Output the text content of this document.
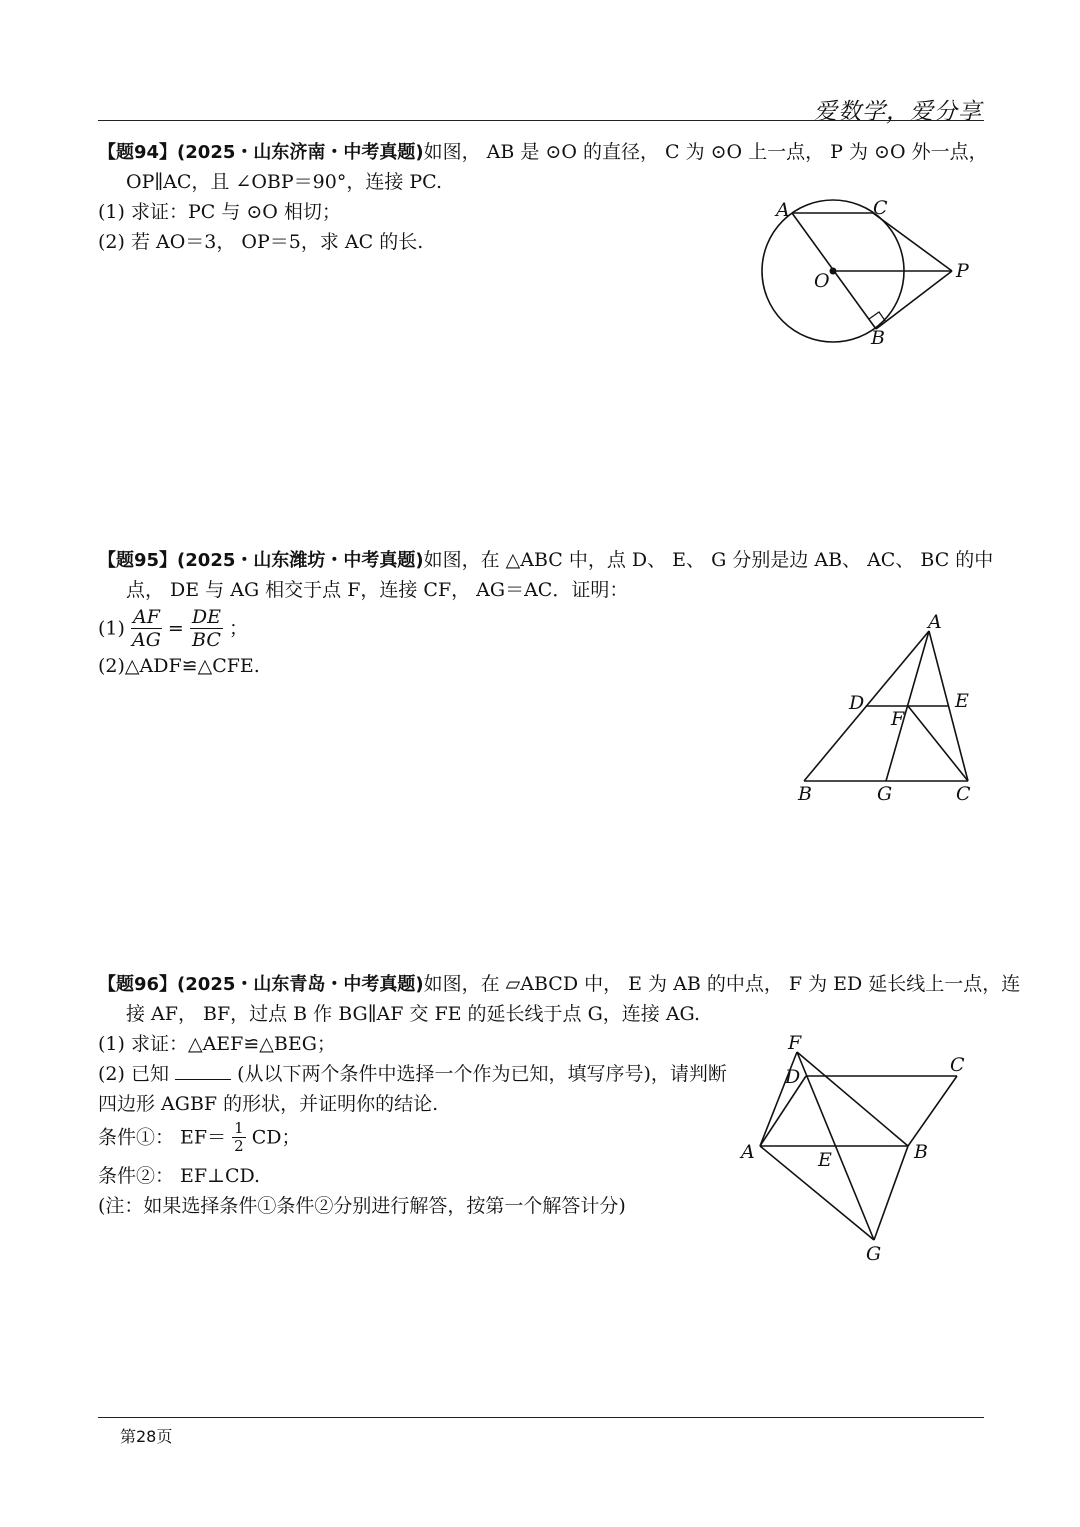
爱数学，爱分享
【题94】(2025・山东济南・中考真题)如图， AB 是 ⊙O 的直径， C 为 ⊙O 上一点， P 为 ⊙O 外一点，
OP∥AC，且 ∠OBP＝90°，连接 PC.
(1) 求证：PC 与 ⊙O 相切；
(2) 若 AO＝3， OP＝5，求 AC 的长.
A	C
O	P
B
A
D	E
F
B	G	C
F
D
C
A	E	B
G
【题95】(2025・山东潍坊・中考真题)如图，在 △ABC 中，点 D、 E、 G 分别是边 AB、 AC、 BC 的中
点， DE 与 AG 相交于点 F，连接 CF， AG＝AC．证明：
$(1) \frac{AF}{AG} = \frac{DE}{BC}$ ；
(2)△ADF≌△CFE.
【题96】(2025・山东青岛・中考真题)如图，在 ▱ABCD 中， E 为 AB 的中点， F 为 ED 延长线上一点，连
接 AF， BF，过点 B 作 BG∥AF 交 FE 的延长线于点 G，连接 AG.
(1) 求证：△AEF≌△BEG；
(2) 已知	(从以下两个条件中选择一个作为已知，填写序号)，请判断
四边形 AGBF 的形状，并证明你的结论.
条件①： $EF= \frac{1}{2}$ CD；
条件②： EF⊥CD.
(注：如果选择条件①条件②分别进行解答，按第一个解答计分)
第28页
